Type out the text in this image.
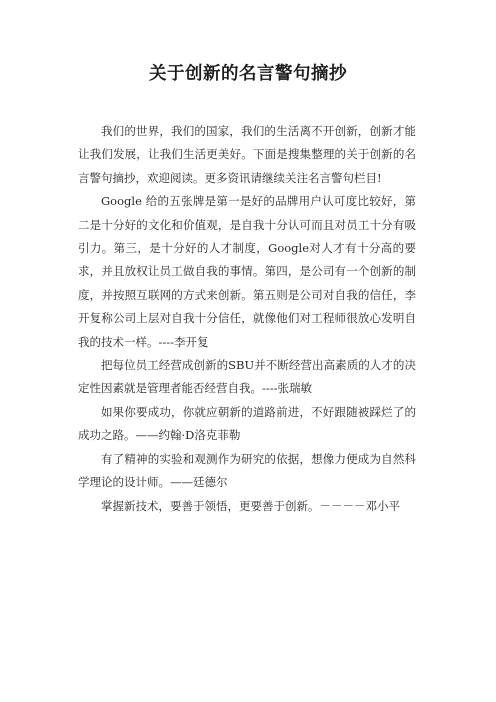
关于创新的名言警句摘抄

我们的世界，我们的国家，我们的生活离不开创新，创新才能让我们发展，让我们生活更美好。下面是搜集整理的关于创新的名言警句摘抄，欢迎阅读。更多资讯请继续关注名言警句栏目!

Google 给的五张牌是第一是好的品牌用户认可度比较好，第二是十分好的文化和价值观，是自我十分认可而且对员工十分有吸引力。第三，是十分好的人才制度，Google对人才有十分高的要求，并且放权让员工做自我的事情。第四，是公司有一个创新的制度，并按照互联网的方式来创新。第五则是公司对自我的信任，李开复称公司上层对自我十分信任，就像他们对工程师很放心发明自我的技术一样。----李开复

把每位员工经营成创新的SBU并不断经营出高素质的人才的决定性因素就是管理者能否经营自我。----张瑞敏

如果你要成功，你就应朝新的道路前进，不好跟随被踩烂了的成功之路。——约翰·D洛克菲勒

有了精神的实验和观测作为研究的依据，想像力便成为自然科学理论的设计师。——廷德尔

掌握新技术，要善于领悟，更要善于创新。－－－－邓小平
